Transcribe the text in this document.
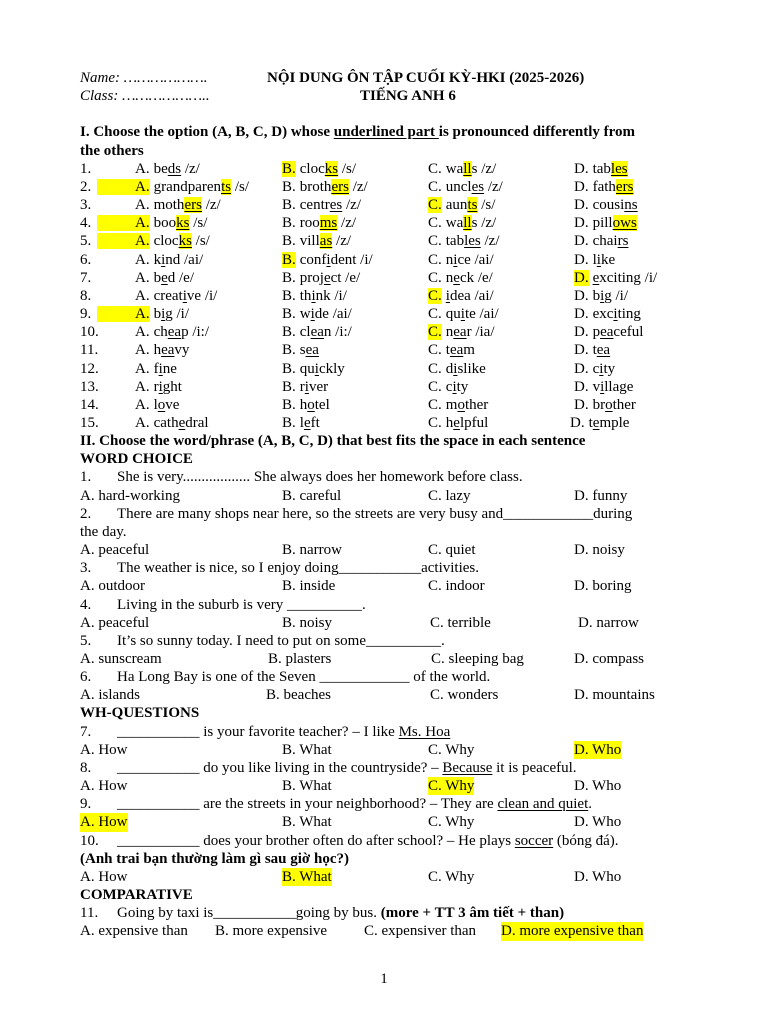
Name: ……………….	NỘI DUNG ÔN TẬP CUỐI KỲ-HKI (2025-2026)
Class: ………………..	TIẾNG ANH 6
I. Choose the option (A, B, C, D) whose underlined part is pronounced differently from
the others
1.	A. beds /z/	B. clocks /s/	C. walls /z/	D. tables
2.	A. grandparents /s/ B. brothers /z/	C. uncles /z/	D. fathers
3.	A. mothers /z/	B. centres /z/	C. aunts /s/	D. cousins
4.	A. books /s/	B. rooms /z/	C. walls /z/	D. pillows
5.	A. clocks /s/	B. villas /z/	C. tables /z/	D. chairs
6.	A. kind /ai/	B. confident /i/	C. nice /ai/	D. like
7.	A. bed /e/	B. project /e/	C. neck /e/	D. exciting /i/
8.	A. creative /i/	B. think /i/	C. idea /ai/	D. big /i/
9.	A. big /i/	B. wide /ai/	C. quite /ai/	D. exciting
10. A. cheap /i:/	B. clean /i:/	C. near /ia/	D. peaceful
11. A. heavy	B. sea	C. team	D. tea
12. A. fine	B. quickly	C. dislike	D. city
13. A. right	B. river	C. city	D. village
14. A. love	B. hotel	C. mother	D. brother
15. A. cathedral	B. left	C. helpful	D. temple
II. Choose the word/phrase (A, B, C, D) that best fits the space in each sentence
WORD CHOICE
1. She is very.................. She always does her homework before class.
A. hard-working	B. careful	C. lazy	D. funny
2. There are many shops near here, so the streets are very busy and____________during
the day.
A. peaceful	B. narrow	C. quiet	D. noisy
3. The weather is nice, so I enjoy doing___________activities.
A. outdoor	B. inside	C. indoor	D. boring
4. Living in the suburb is very __________.
A. peaceful	B. noisy	C. terrible	D. narrow
5. It’s so sunny today. I need to put on some__________.
A. sunscream	B. plasters	C. sleeping bag	D. compass
6. Ha Long Bay is one of the Seven ____________ of the world.
A. islands	B. beaches	C. wonders	D. mountains
WH-QUESTIONS
7. ___________ is your favorite teacher? – I like Ms. Hoa
A. How	B. What	C. Why	D. Who
8. ___________ do you like living in the countryside? – Because it is peaceful.
A. How	B. What	C. Why	D. Who
9. ___________ are the streets in your neighborhood? – They are clean and quiet.
A. How	B. What	C. Why	D. Who
10. ___________ does your brother often do after school? – He plays soccer (bóng đá).
(Anh trai bạn thường làm gì sau giờ học?)
A. How	B. What	C. Why	D. Who
COMPARATIVE
11. Going by taxi is___________going by bus. (more + TT 3 âm tiết + than)
A. expensive than B. more expensive C. expensiver than D. more expensive than
1
